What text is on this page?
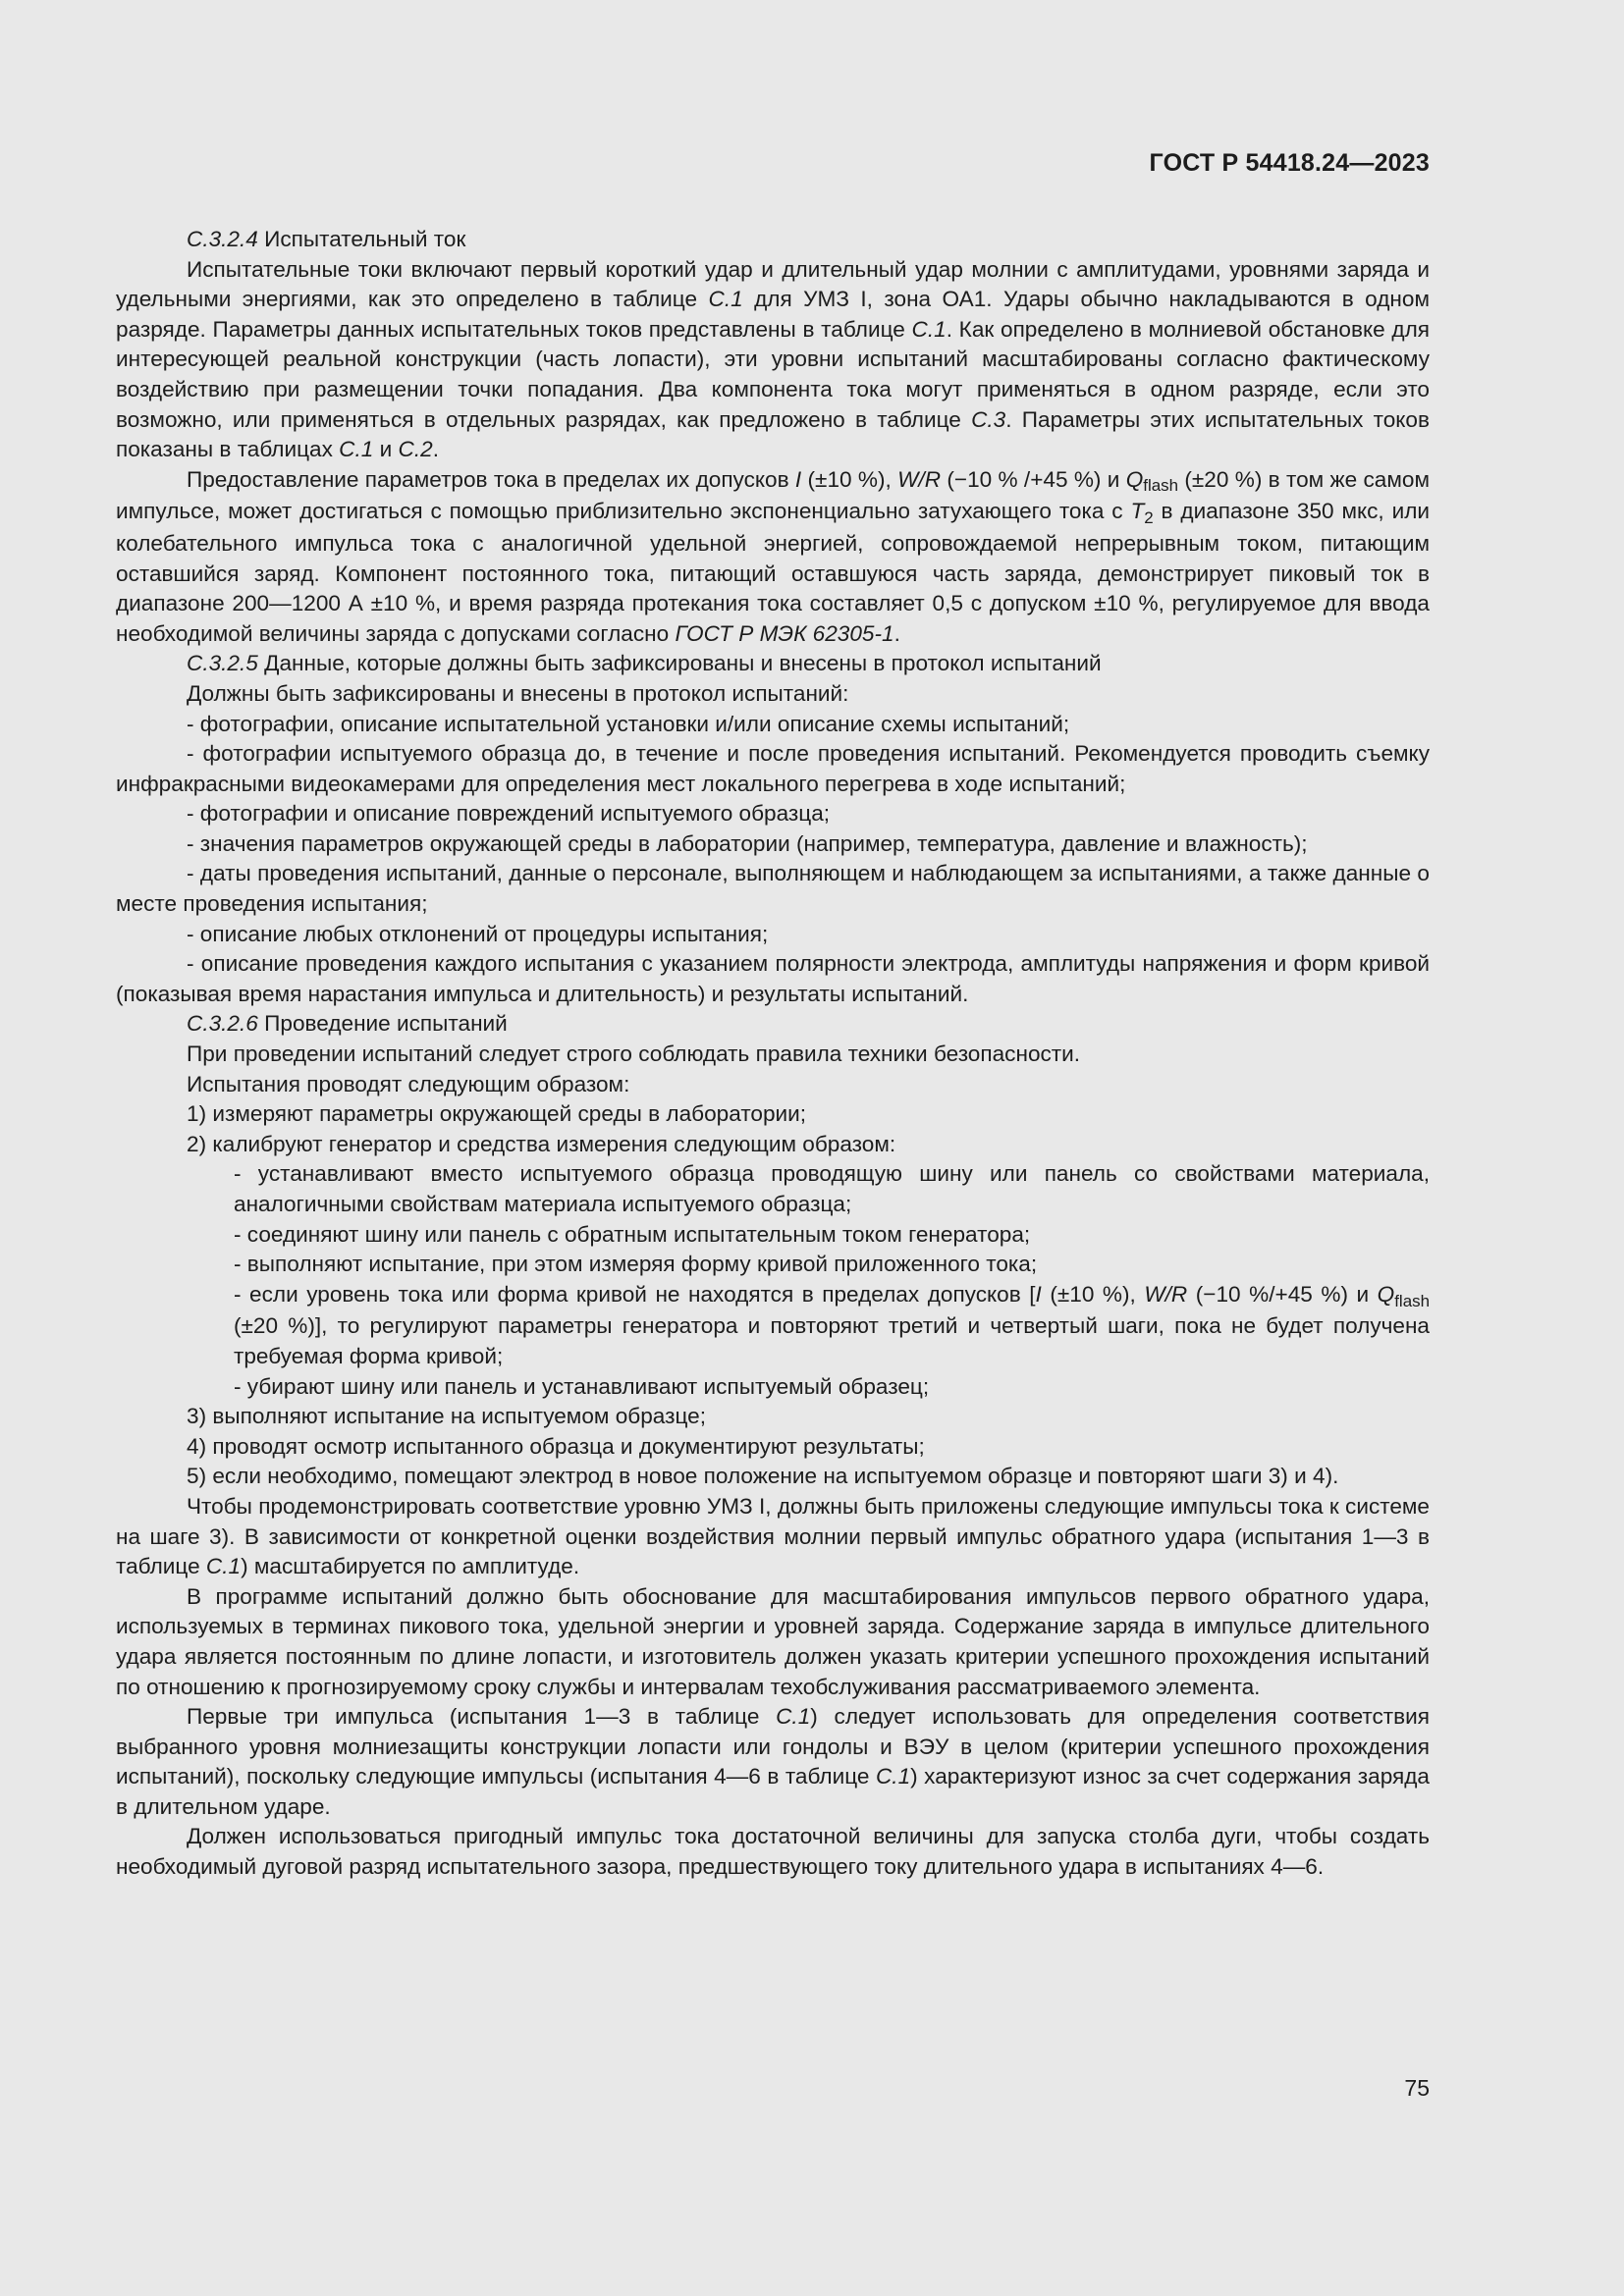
ГОСТ Р 54418.24—2023

С.3.2.4 Испытательный ток

Испытательные токи включают первый короткий удар и длительный удар молнии с амплитудами, уровнями заряда и удельными энергиями, как это определено в таблице С.1 для УМЗ I, зона ОА1. Удары обычно накладываются в одном разряде. Параметры данных испытательных токов представлены в таблице С.1. Как определено в молниевой обстановке для интересующей реальной конструкции (часть лопасти), эти уровни испытаний масштабированы согласно фактическому воздействию при размещении точки попадания. Два компонента тока могут применяться в одном разряде, если это возможно, или применяться в отдельных разрядах, как предложено в таблице С.3. Параметры этих испытательных токов показаны в таблицах С.1 и С.2.

Предоставление параметров тока в пределах их допусков I (±10 %), W/R (−10 % /+45 %) и $Q_{flash}$ (±20 %) в том же самом импульсе, может достигаться с помощью приблизительно экспоненциально затухающего тока с $T_2$ в диапазоне 350 мкс, или колебательного импульса тока с аналогичной удельной энергией, сопровождаемой непрерывным током, питающим оставшийся заряд. Компонент постоянного тока, питающий оставшуюся часть заряда, демонстрирует пиковый ток в диапазоне 200—1200 А ±10 %, и время разряда протекания тока составляет 0,5 с допуском ±10 %, регулируемое для ввода необходимой величины заряда с допусками согласно ГОСТ Р МЭК 62305-1.

С.3.2.5 Данные, которые должны быть зафиксированы и внесены в протокол испытаний

Должны быть зафиксированы и внесены в протокол испытаний:

- фотографии, описание испытательной установки и/или описание схемы испытаний;

- фотографии испытуемого образца до, в течение и после проведения испытаний. Рекомендуется проводить съемку инфракрасными видеокамерами для определения мест локального перегрева в ходе испытаний;

- фотографии и описание повреждений испытуемого образца;

- значения параметров окружающей среды в лаборатории (например, температура, давление и влажность);

- даты проведения испытаний, данные о персонале, выполняющем и наблюдающем за испытаниями, а также данные о месте проведения испытания;

- описание любых отклонений от процедуры испытания;

- описание проведения каждого испытания с указанием полярности электрода, амплитуды напряжения и форм кривой (показывая время нарастания импульса и длительность) и результаты испытаний.

С.3.2.6 Проведение испытаний

При проведении испытаний следует строго соблюдать правила техники безопасности.

Испытания проводят следующим образом:

1) измеряют параметры окружающей среды в лаборатории;

2) калибруют генератор и средства измерения следующим образом:

- устанавливают вместо испытуемого образца проводящую шину или панель со свойствами материала, аналогичными свойствам материала испытуемого образца;

- соединяют шину или панель с обратным испытательным током генератора;

- выполняют испытание, при этом измеряя форму кривой приложенного тока;

- если уровень тока или форма кривой не находятся в пределах допусков [I (±10 %), W/R (−10 %/+45 %) и $Q_{flash}$ (±20 %)], то регулируют параметры генератора и повторяют третий и четвертый шаги, пока не будет получена требуемая форма кривой;

- убирают шину или панель и устанавливают испытуемый образец;

3) выполняют испытание на испытуемом образце;

4) проводят осмотр испытанного образца и документируют результаты;

5) если необходимо, помещают электрод в новое положение на испытуемом образце и повторяют шаги 3) и 4).

Чтобы продемонстрировать соответствие уровню УМЗ I, должны быть приложены следующие импульсы тока к системе на шаге 3). В зависимости от конкретной оценки воздействия молнии первый импульс обратного удара (испытания 1—3 в таблице С.1) масштабируется по амплитуде.

В программе испытаний должно быть обоснование для масштабирования импульсов первого обратного удара, используемых в терминах пикового тока, удельной энергии и уровней заряда. Содержание заряда в импульсе длительного удара является постоянным по длине лопасти, и изготовитель должен указать критерии успешного прохождения испытаний по отношению к прогнозируемому сроку службы и интервалам техобслуживания рассматриваемого элемента.

Первые три импульса (испытания 1—3 в таблице С.1) следует использовать для определения соответствия выбранного уровня молниезащиты конструкции лопасти или гондолы и ВЭУ в целом (критерии успешного прохождения испытаний), поскольку следующие импульсы (испытания 4—6 в таблице С.1) характеризуют износ за счет содержания заряда в длительном ударе.

Должен использоваться пригодный импульс тока достаточной величины для запуска столба дуги, чтобы создать необходимый дуговой разряд испытательного зазора, предшествующего току длительного удара в испытаниях 4—6.

75
